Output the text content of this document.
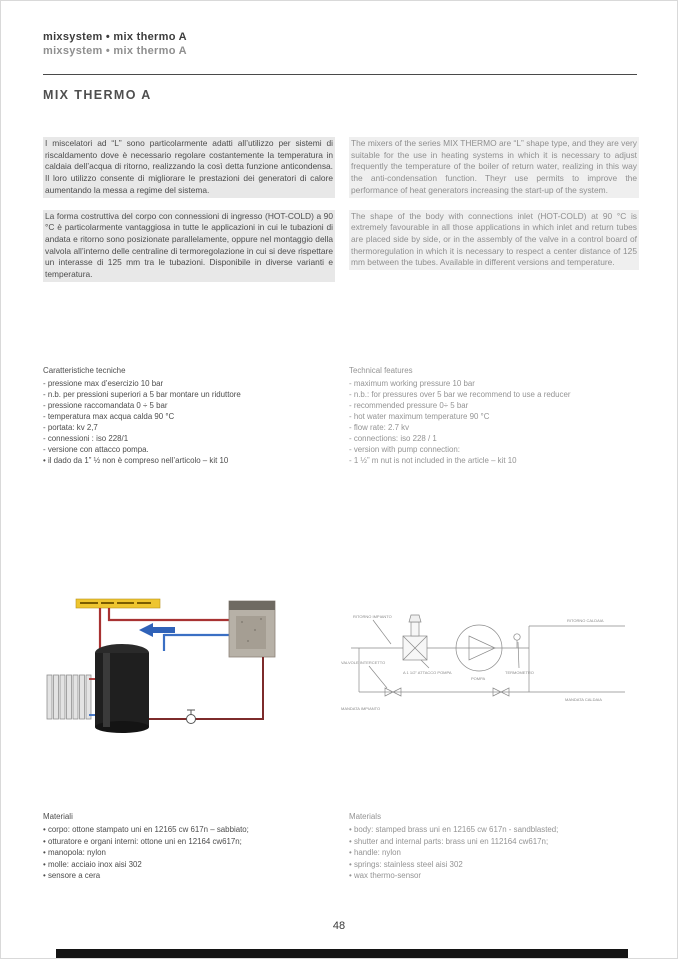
mixsystem • mix thermo A
mixsystem • mix thermo A
MIX THERMO A

I miscelatori ad “L” sono particolarmente adatti all’utilizzo per sistemi di riscaldamento dove è necessario regolare costantemente la temperatura in caldaia dell’acqua di ritorno, realizzando la così detta funzione anticondensa. Il loro utilizzo consente di migliorare le prestazioni dei generatori di calore aumentando la messa a regime del sistema.

La forma costruttiva del corpo con connessioni di ingresso (HOT-COLD) a 90 °C è particolarmente vantaggiosa in tutte le applicazioni in cui le tubazioni di andata e ritorno sono posizionate parallelamente, oppure nel montaggio della valvola all’interno delle centraline di termoregolazione in cui si deve rispettare un interasse di 125 mm tra le tubazioni. Disponibile in diverse varianti e temperatura.

The mixers of the series MIX THERMO are “L” shape type, and they are very suitable for the use in heating systems in which it is necessary to adjust frequently the temperature of the boiler of return water, realizing in this way the anti-condensation function. Theyr use permits to improve the performance of heat generators increasing the start-up of the system.

The shape of the body with connections inlet (HOT-COLD) at 90 °C is extremely favourable in all those applications in which inlet and return tubes are placed side by side, or in the assembly of the valve in a control board of thermoregulation in which it is necessary to respect a center distance of 125 mm between the tubes. Available in different versions and temperature.

Caratteristiche tecniche
- pressione max d’esercizio 10 bar
- n.b. per pressioni superiori a 5 bar montare un riduttore
- pressione raccomandata 0 ÷ 5 bar
- temperatura max acqua calda 90 °C
- portata: kv 2,7
- connessioni : iso 228/1
- versione con attacco pompa.
• il dado da 1” ½ non è compreso nell’articolo – kit 10
Technical features
- maximum working pressure 10 bar
- n.b.: for pressures over 5 bar we recommend to use a reducer
- recommended pressure 0÷ 5 bar
- hot water maximum temperature 90 °C
- flow rate: 2.7 kv
- connections: iso 228 / 1
- version with pump connection:
- 1 ½” m nut is not included in the article – kit 10
RITORNO IMPIANTO
VALVOLE INTERCETTO
A 1 1/2" ATTACCO POMPA
POMPA
TERMOMETRO
RITORNO CALDAIA
MANDATA CALDAIA
MANDATA IMPIANTO
Materiali
• corpo: ottone stampato uni en 12165 cw 617n – sabbiato;
• otturatore e organi interni: ottone uni en 12164 cw617n;
• manopola: nylon
• molle: acciaio inox aisi 302
• sensore a cera
Materials
• body: stamped brass uni en 12165 cw 617n - sandblasted;
• shutter and internal parts: brass uni en 112164 cw617n;
• handle: nylon
• springs: stainless steel aisi 302
• wax thermo-sensor
48
